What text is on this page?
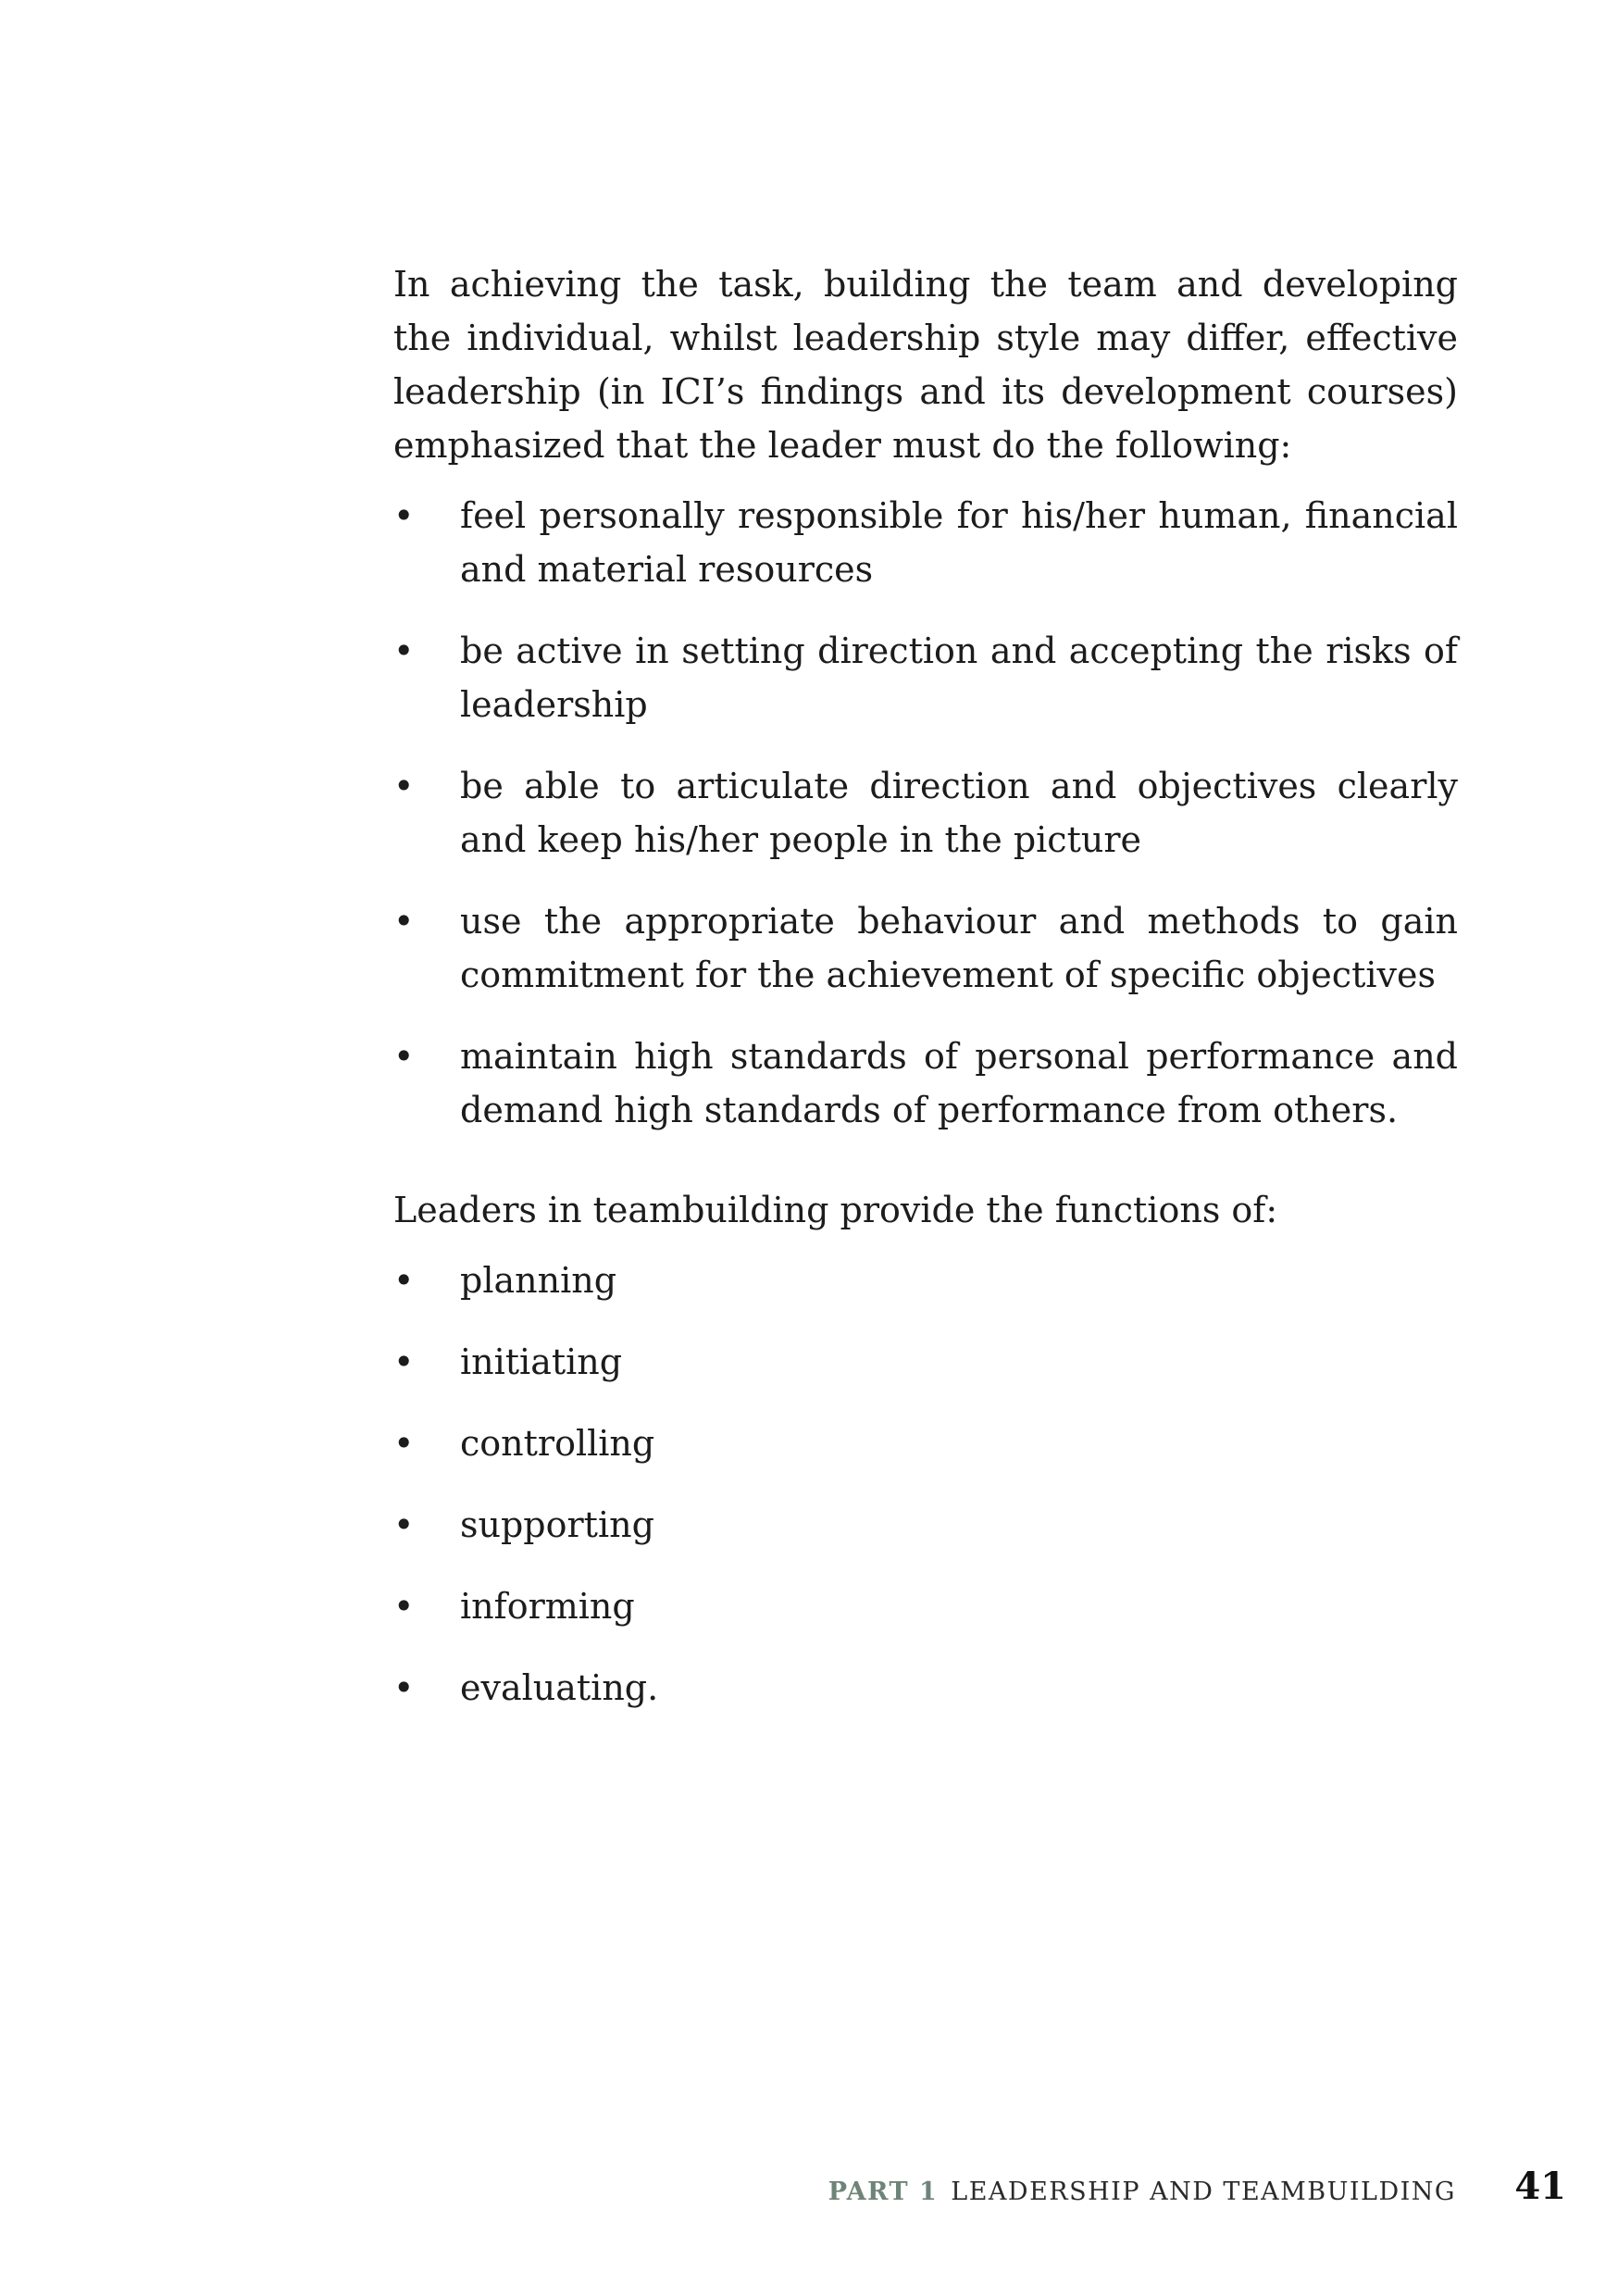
In achieving the task, building the team and developing the individual, whilst leadership style may differ, effective leadership (in ICI’s findings and its development courses) emphasized that the leader must do the following:

• feel personally responsible for his/her human, financial and material resources
• be active in setting direction and accepting the risks of leadership
• be able to articulate direction and objectives clearly and keep his/her people in the picture
• use the appropriate behaviour and methods to gain commitment for the achievement of specific objectives
• maintain high standards of personal performance and demand high standards of performance from others.

Leaders in teambuilding provide the functions of:

• planning
• initiating
• controlling
• supporting
• informing
• evaluating.
PART 1 LEADERSHIP AND TEAMBUILDING 41
